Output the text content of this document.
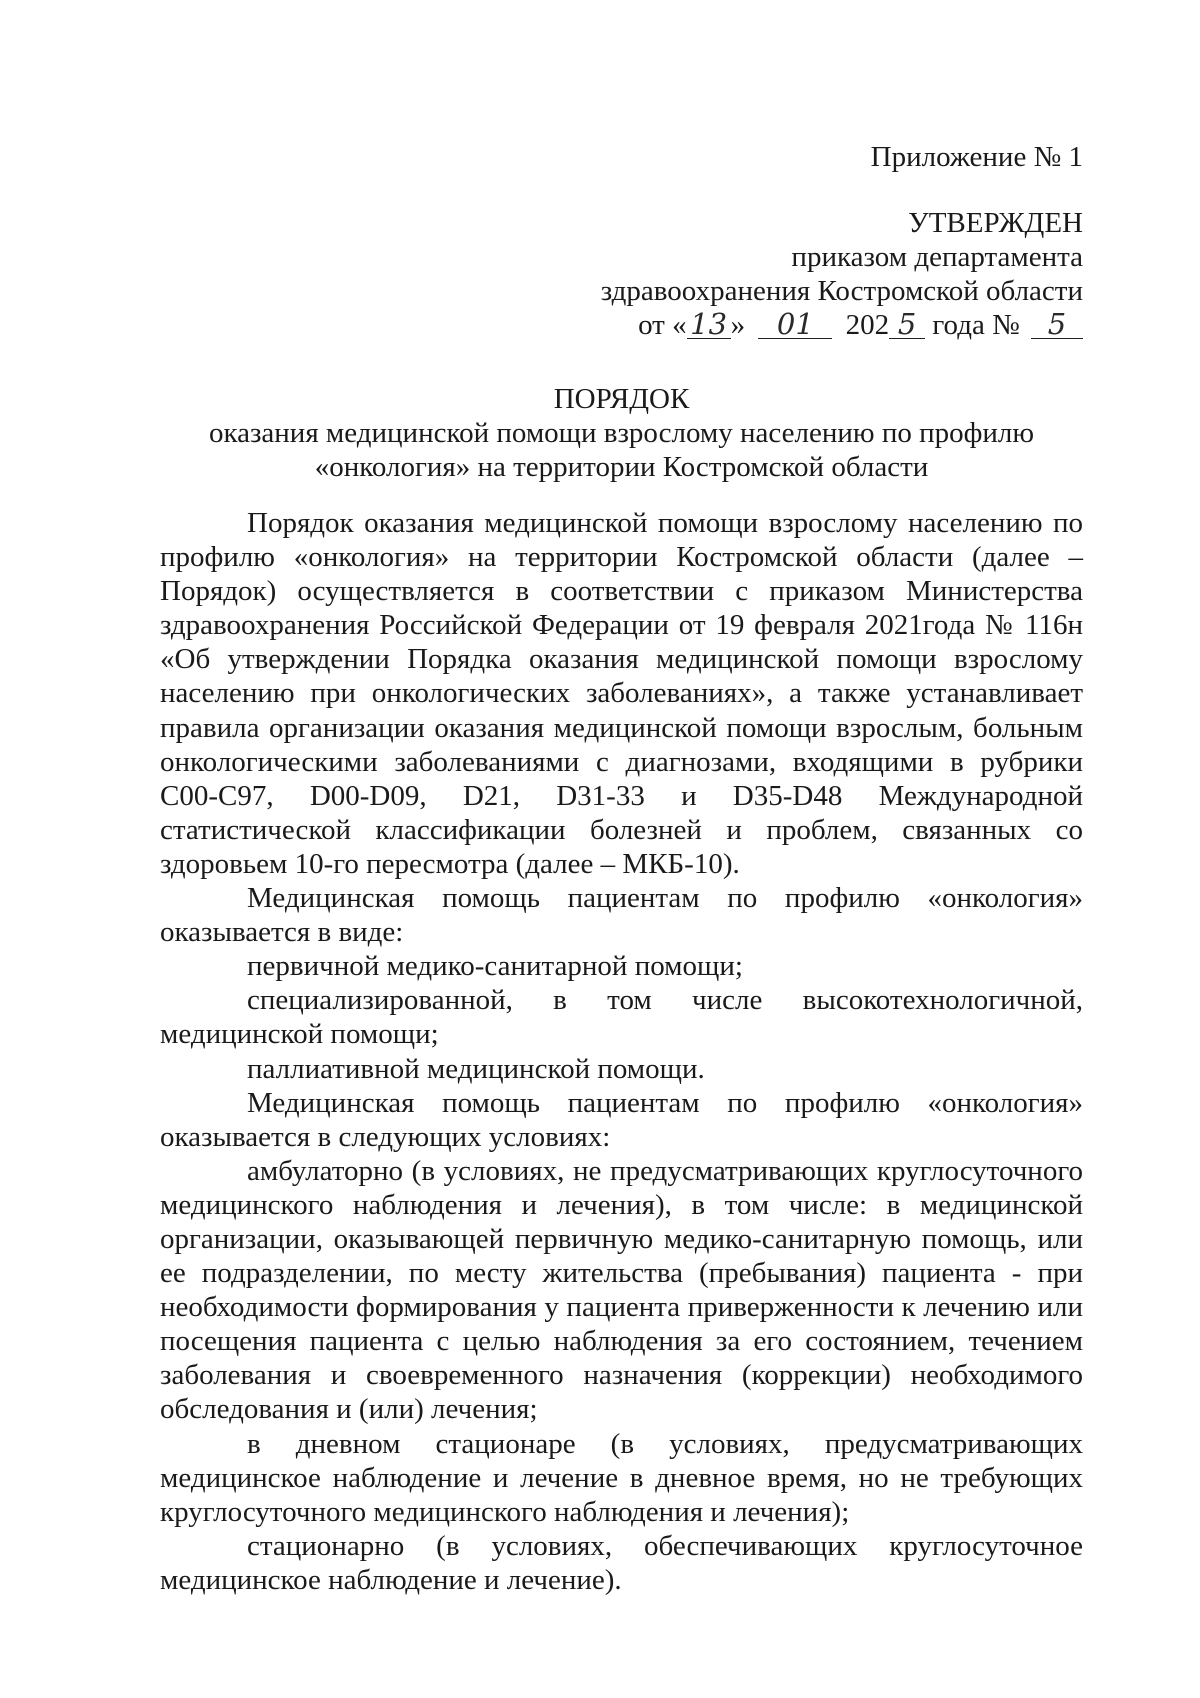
Приложение № 1
УТВЕРЖДЕН
приказом департамента
здравоохранения Костромской области
от « 13 » 01 202 5 года № 5
ПОРЯДОК
оказания медицинской помощи взрослому населению по профилю
«онкология» на территории Костромской области

Порядок оказания медицинской помощи взрослому населению по профилю «онкология» на территории Костромской области (далее – Порядок) осуществляется в соответствии с приказом Министерства здравоохранения Российской Федерации от 19 февраля 2021года № 116н «Об утверждении Порядка оказания медицинской помощи взрослому населению при онкологических заболеваниях», а также устанавливает правила организации оказания медицинской помощи взрослым, больным онкологическими заболеваниями с диагнозами, входящими в рубрики С00-С97, D00-D09, D21, D31-33 и D35-D48 Международной статистической классификации болезней и проблем, связанных со здоровьем 10-го пересмотра (далее – МКБ-10).

Медицинская помощь пациентам по профилю «онкология» оказывается в виде:

первичной медико-санитарной помощи;

специализированной, в том числе высокотехнологичной, медицинской помощи;

паллиативной медицинской помощи.

Медицинская помощь пациентам по профилю «онкология» оказывается в следующих условиях:

амбулаторно (в условиях, не предусматривающих круглосуточного медицинского наблюдения и лечения), в том числе: в медицинской организации, оказывающей первичную медико-санитарную помощь, или ее подразделении, по месту жительства (пребывания) пациента - при необходимости формирования у пациента приверженности к лечению или посещения пациента с целью наблюдения за его состоянием, течением заболевания и своевременного назначения (коррекции) необходимого обследования и (или) лечения;

в дневном стационаре (в условиях, предусматривающих медицинское наблюдение и лечение в дневное время, но не требующих круглосуточного медицинского наблюдения и лечения);

стационарно (в условиях, обеспечивающих круглосуточное медицинское наблюдение и лечение).
